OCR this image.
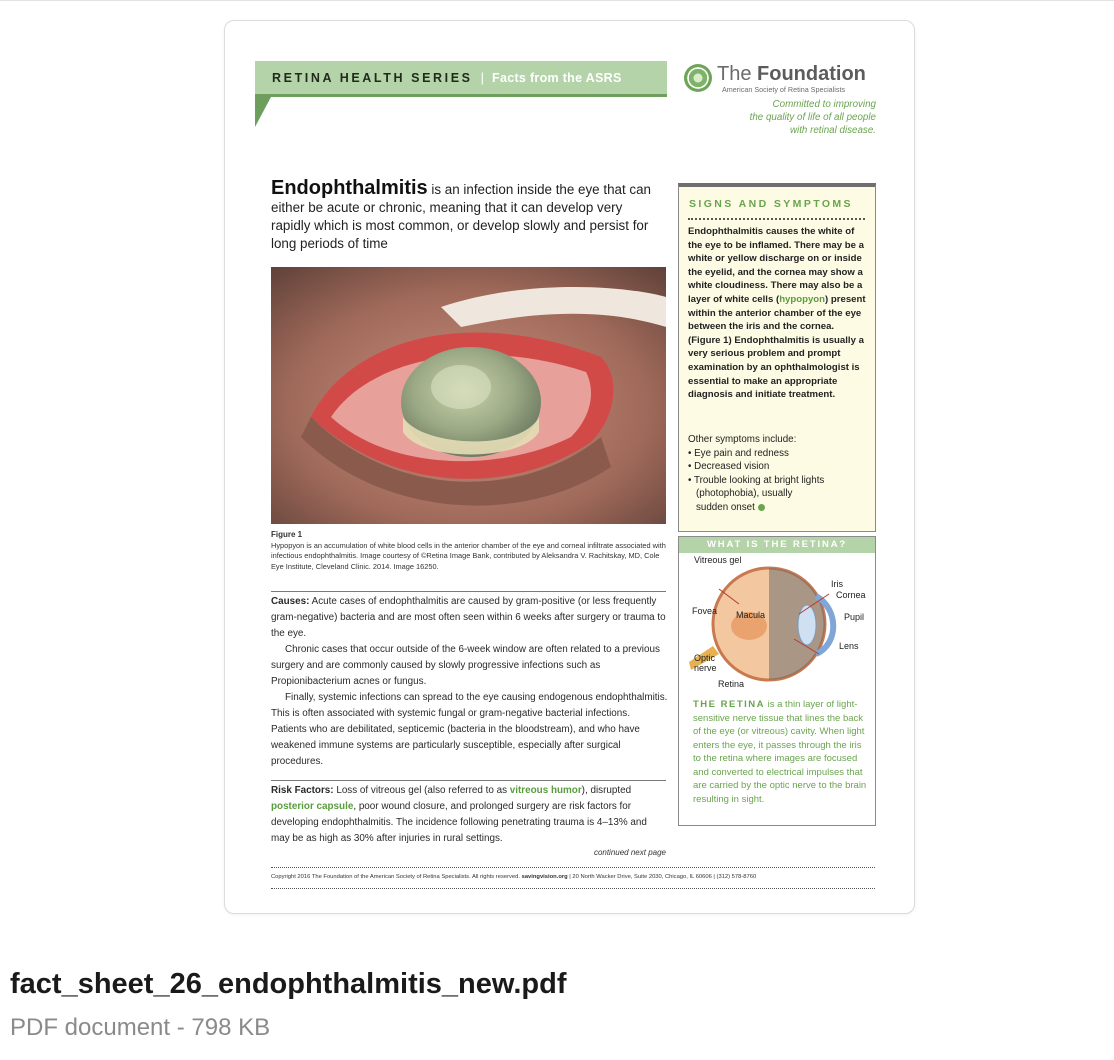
RETINA HEALTH SERIES | Facts from the ASRS	The Foundation
American Society of Retina Specialists
Committed to improving
the quality of life of all people
with retinal disease.
Endophthalmitis is an infection inside the eye that can either be acute or chronic, meaning that it can develop very rapidly which is most common, or develop slowly and persist for long periods of time
Figure 1
Hypopyon is an accumulation of white blood cells in the anterior chamber of the eye and corneal infiltrate associated with infectious endophthalmitis. Image courtesy of ©Retina Image Bank, contributed by Aleksandra V. Rachitskay, MD, Cole Eye Institute, Cleveland Clinic. 2014. Image 16250.

Causes: Acute cases of endophthalmitis are caused by gram-positive (or less frequently gram-negative) bacteria and are most often seen within 6 weeks after surgery or trauma to the eye.

Chronic cases that occur outside of the 6-week window are often related to a previous surgery and are commonly caused by slowly progressive infections such as Propionibacterium acnes or fungus.

Finally, systemic infections can spread to the eye causing endogenous endophthalmitis. This is often associated with systemic fungal or gram-negative bacterial infections. Patients who are debilitated, septicemic (bacteria in the bloodstream), and who have weakened immune systems are particularly susceptible, especially after surgical procedures.

Risk Factors: Loss of vitreous gel (also referred to as vitreous humor), disrupted posterior capsule, poor wound closure, and prolonged surgery are risk factors for developing endophthalmitis. The incidence following penetrating trauma is 4–13% and may be as high as 30% after injuries in rural settings.

continued next page
SIGNS AND SYMPTOMS
Endophthalmitis causes the white of the eye to be inflamed. There may be a white or yellow discharge on or inside the eyelid, and the cornea may show a white cloudiness. There may also be a layer of white cells (hypopyon) present within the anterior chamber of the eye between the iris and the cornea. (Figure 1) Endophthalmitis is usually a very serious problem and prompt examination by an ophthalmologist is essential to make an appropriate diagnosis and initiate treatment.
Other symptoms include:
• Eye pain and redness
• Decreased vision
• Trouble looking at bright lights
(photophobia), usually
sudden onset
WHAT IS THE RETINA?
Vitreous gel
Iris
Cornea
Fovea Macula	Pupil
Lens
Optic
nerve
Retina
THE RETINA is a thin layer of light-sensitive nerve tissue that lines the back of the eye (or vitreous) cavity. When light enters the eye, it passes through the iris to the retina where images are focused and converted to electrical impulses that are carried by the optic nerve to the brain resulting in sight.
Copyright 2016 The Foundation of the American Society of Retina Specialists. All rights reserved. savingvision.org | 20 North Wacker Drive, Suite 2030, Chicago, IL 60606 | (312) 578-8760
fact_sheet_26_endophthalmitis_new.pdf
PDF document - 798 KB
